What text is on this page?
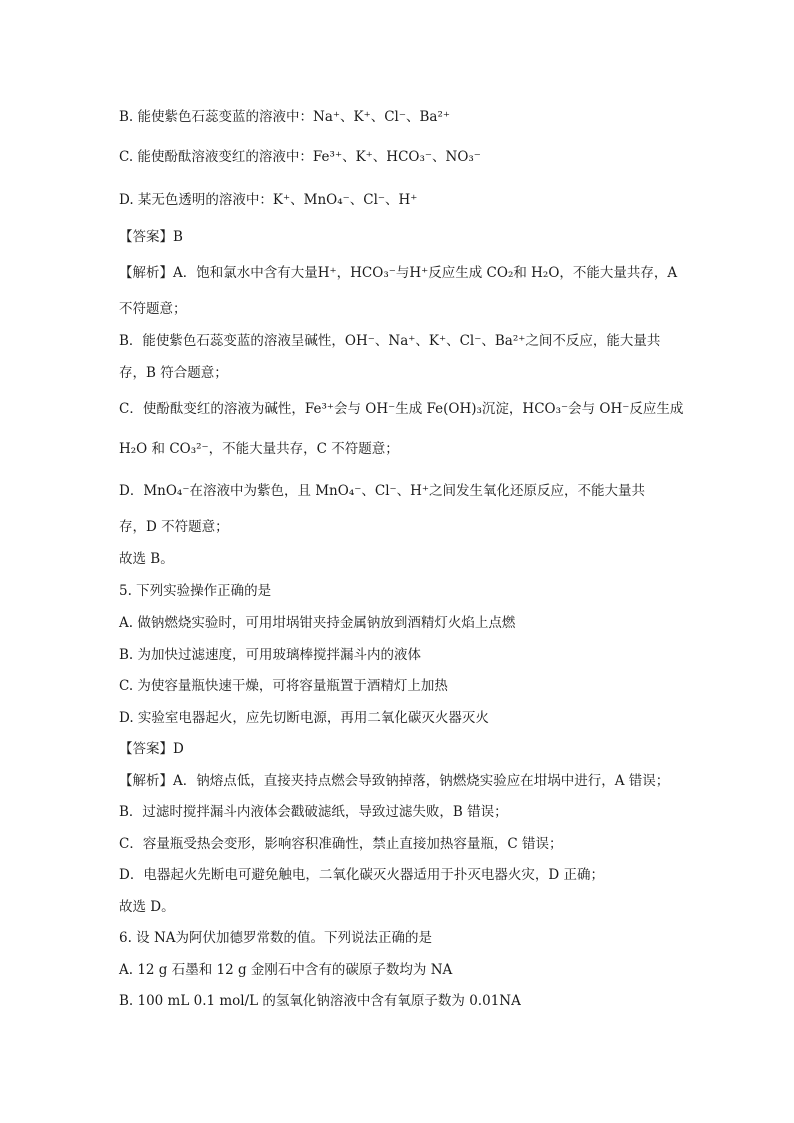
B. 能使紫色石蕊变蓝的溶液中：Na⁺、K⁺、Cl⁻、Ba²⁺
C. 能使酚酞溶液变红的溶液中：Fe³⁺、K⁺、HCO₃⁻、NO₃⁻
D. 某无色透明的溶液中：K⁺、MnO₄⁻、Cl⁻、H⁺
【答案】B
【解析】A．饱和氯水中含有大量H⁺，HCO₃⁻与H⁺反应生成 CO₂和 H₂O，不能大量共存，A
不符题意；
B．能使紫色石蕊变蓝的溶液呈碱性，OH⁻、Na⁺、K⁺、Cl⁻、Ba²⁺之间不反应，能大量共
存，B 符合题意；
C．使酚酞变红的溶液为碱性，Fe³⁺会与 OH⁻生成 Fe(OH)₃沉淀，HCO₃⁻会与 OH⁻反应生成
H₂O 和 CO₃²⁻，不能大量共存，C 不符题意；
D．MnO₄⁻在溶液中为紫色，且 MnO₄⁻、Cl⁻、H⁺之间发生氧化还原反应，不能大量共
存，D 不符题意；
故选 B。
5. 下列实验操作正确的是
A. 做钠燃烧实验时，可用坩埚钳夹持金属钠放到酒精灯火焰上点燃
B. 为加快过滤速度，可用玻璃棒搅拌漏斗内的液体
C. 为使容量瓶快速干燥，可将容量瓶置于酒精灯上加热
D. 实验室电器起火，应先切断电源，再用二氧化碳灭火器灭火
【答案】D
【解析】A．钠熔点低，直接夹持点燃会导致钠掉落，钠燃烧实验应在坩埚中进行，A 错误；
B．过滤时搅拌漏斗内液体会戳破滤纸，导致过滤失败，B 错误；
C．容量瓶受热会变形，影响容积准确性，禁止直接加热容量瓶，C 错误；
D．电器起火先断电可避免触电，二氧化碳灭火器适用于扑灭电器火灾，D 正确；
故选 D。
6. 设 NA为阿伏加德罗常数的值。下列说法正确的是
A. 12 g 石墨和 12 g 金刚石中含有的碳原子数均为 NA
B. 100 mL 0.1 mol/L 的氢氧化钠溶液中含有氧原子数为 0.01NA
